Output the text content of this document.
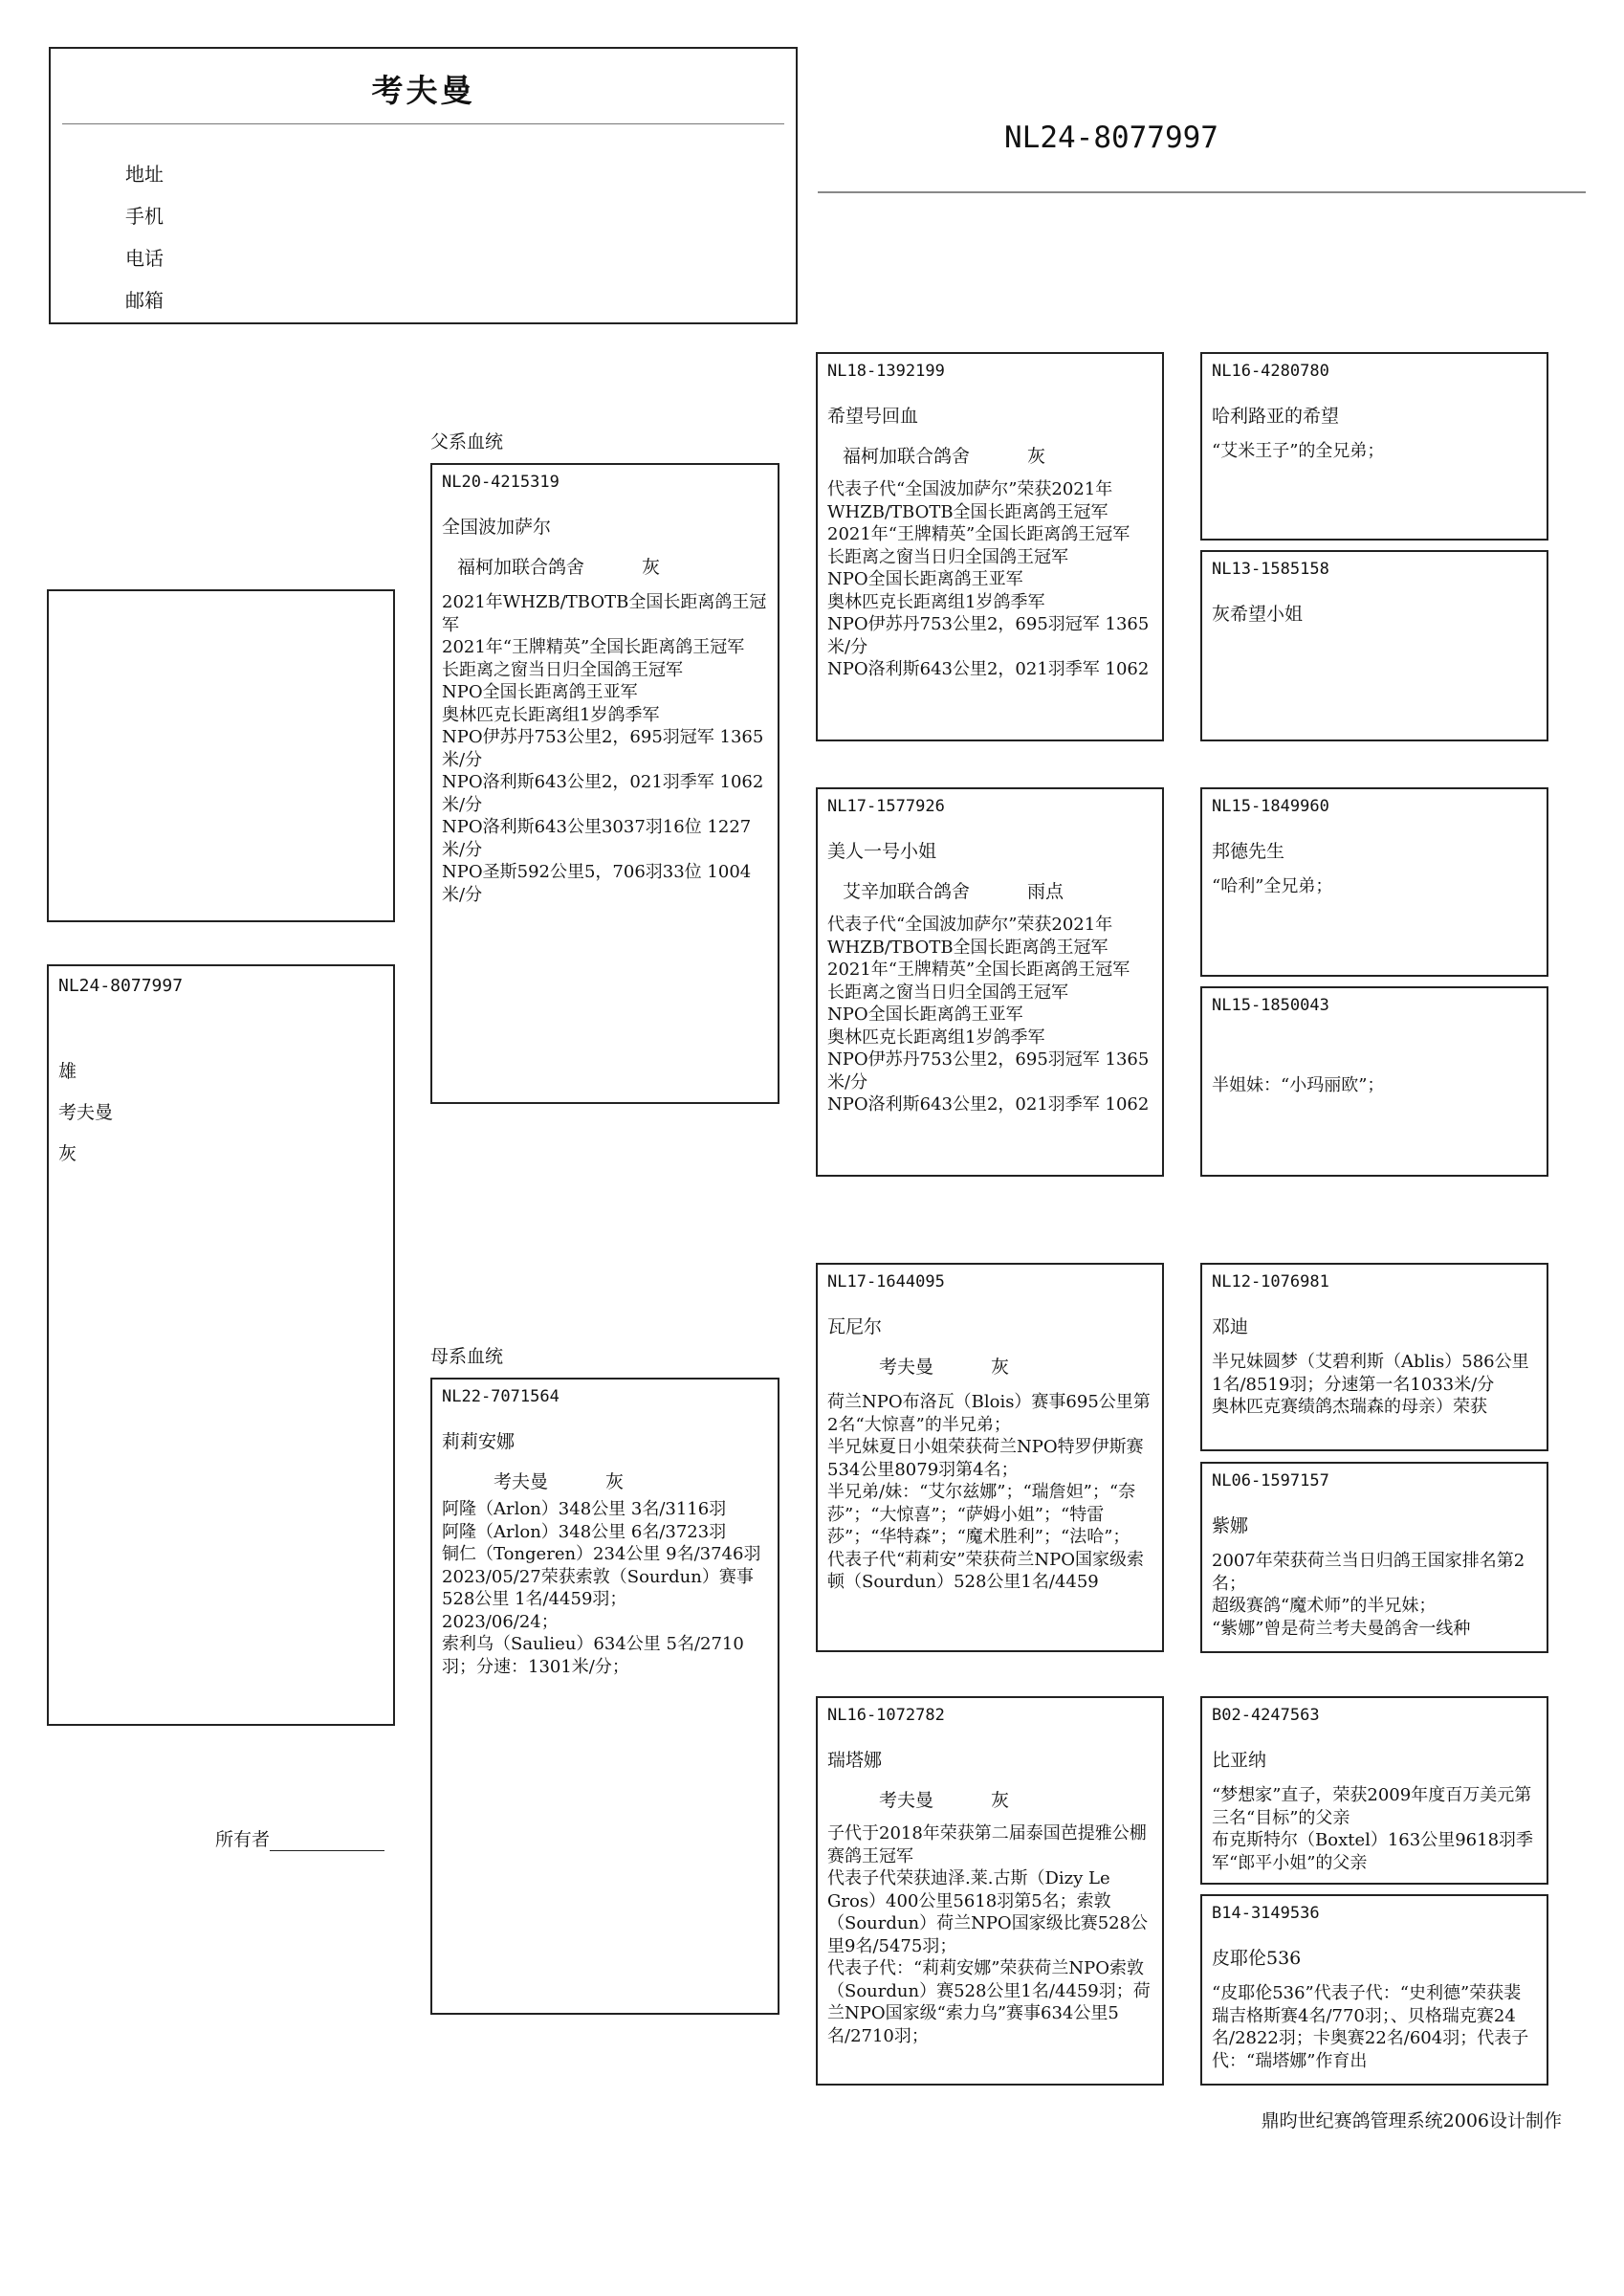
考夫曼
地址
手机
电话
邮箱
NL24-8077997
NL24-8077997
雄
考夫曼
灰
所有者
父系血统
母系血统
NL20-4215319
全国波加萨尔
福柯加联合鸽舍	灰
2021年WHZB/TBOTB全国长距离鸽王冠军
2021年“王牌精英”全国长距离鸽王冠军
长距离之窗当日归全国鸽王冠军
NPO全国长距离鸽王亚军
奥林匹克长距离组1岁鸽季军
NPO伊苏丹753公里2，695羽冠军 1365米/分
NPO洛利斯643公里2，021羽季军 1062米/分
NPO洛利斯643公里3037羽16位 1227米/分
NPO圣斯592公里5，706羽33位 1004米/分
NL22-7071564
莉莉安娜
考夫曼	灰
阿隆（Arlon）348公里 3名/3116羽
阿隆（Arlon）348公里 6名/3723羽
铜仁（Tongeren）234公里 9名/3746羽
2023/05/27荣获索敦（Sourdun）赛事528公里 1名/4459羽；
2023/06/24；
索利乌（Saulieu）634公里 5名/2710羽；分速：1301米/分；
NL18-1392199
希望号回血
福柯加联合鸽舍	灰
代表子代“全国波加萨尔”荣获2021年WHZB/TBOTB全国长距离鸽王冠军
2021年“王牌精英”全国长距离鸽王冠军
长距离之窗当日归全国鸽王冠军
NPO全国长距离鸽王亚军
奥林匹克长距离组1岁鸽季军
NPO伊苏丹753公里2，695羽冠军 1365米/分
NPO洛利斯643公里2，021羽季军 1062
NL17-1577926
美人一号小姐
艾辛加联合鸽舍	雨点
代表子代“全国波加萨尔”荣获2021年WHZB/TBOTB全国长距离鸽王冠军
2021年“王牌精英”全国长距离鸽王冠军
长距离之窗当日归全国鸽王冠军
NPO全国长距离鸽王亚军
奥林匹克长距离组1岁鸽季军
NPO伊苏丹753公里2，695羽冠军 1365米/分
NPO洛利斯643公里2，021羽季军 1062
NL17-1644095
瓦尼尔
考夫曼	灰
荷兰NPO布洛瓦（Blois）赛事695公里第2名“大惊喜”的半兄弟；
半兄妹夏日小姐荣获荷兰NPO特罗伊斯赛534公里8079羽第4名；
半兄弟/妹：“艾尔兹娜”；“瑞詹妲”；“奈莎”；“大惊喜”；“萨姆小姐”；“特雷莎”；“华特森”；“魔术胜利”；“法哈”；
代表子代“莉莉安”荣获荷兰NPO国家级索顿（Sourdun）528公里1名/4459
NL16-1072782
瑞塔娜
考夫曼	灰
子代于2018年荣获第二届泰国芭提雅公棚赛鸽王冠军
代表子代荣获迪泽.莱.古斯（Dizy Le Gros）400公里5618羽第5名；索敦（Sourdun）荷兰NPO国家级比赛528公里9名/5475羽；
代表子代：“莉莉安娜”荣获荷兰NPO索敦（Sourdun）赛528公里1名/4459羽；荷兰NPO国家级“索力乌”赛事634公里5名/2710羽；
NL16-4280780
哈利路亚的希望
“艾米王子”的全兄弟；
NL13-1585158
灰希望小姐
NL15-1849960
邦德先生
“哈利”全兄弟；
NL15-1850043
半姐妹：“小玛丽欧”；
NL12-1076981
邓迪
半兄妹圆梦（艾碧利斯（Ablis）586公里 1名/8519羽；分速第一名1033米/分
奥林匹克赛绩鸽杰瑞森的母亲）荣获
NL06-1597157
紫娜
2007年荣获荷兰当日归鸽王国家排名第2名；
超级赛鸽“魔术师”的半兄妹；
“紫娜”曾是荷兰考夫曼鸽舍一线种
B02-4247563
比亚纳
“梦想家”直子，荣获2009年度百万美元第三名“目标”的父亲
布克斯特尔（Boxtel）163公里9618羽季军“郎平小姐”的父亲
B14-3149536
皮耶伦536
“皮耶伦536”代表子代：“史利德”荣获裴瑞吉格斯赛4名/770羽；、贝格瑞克赛24名/2822羽；卡奥赛22名/604羽；代表子代：“瑞塔娜”作育出
鼎昀世纪赛鸽管理系统2006设计制作
